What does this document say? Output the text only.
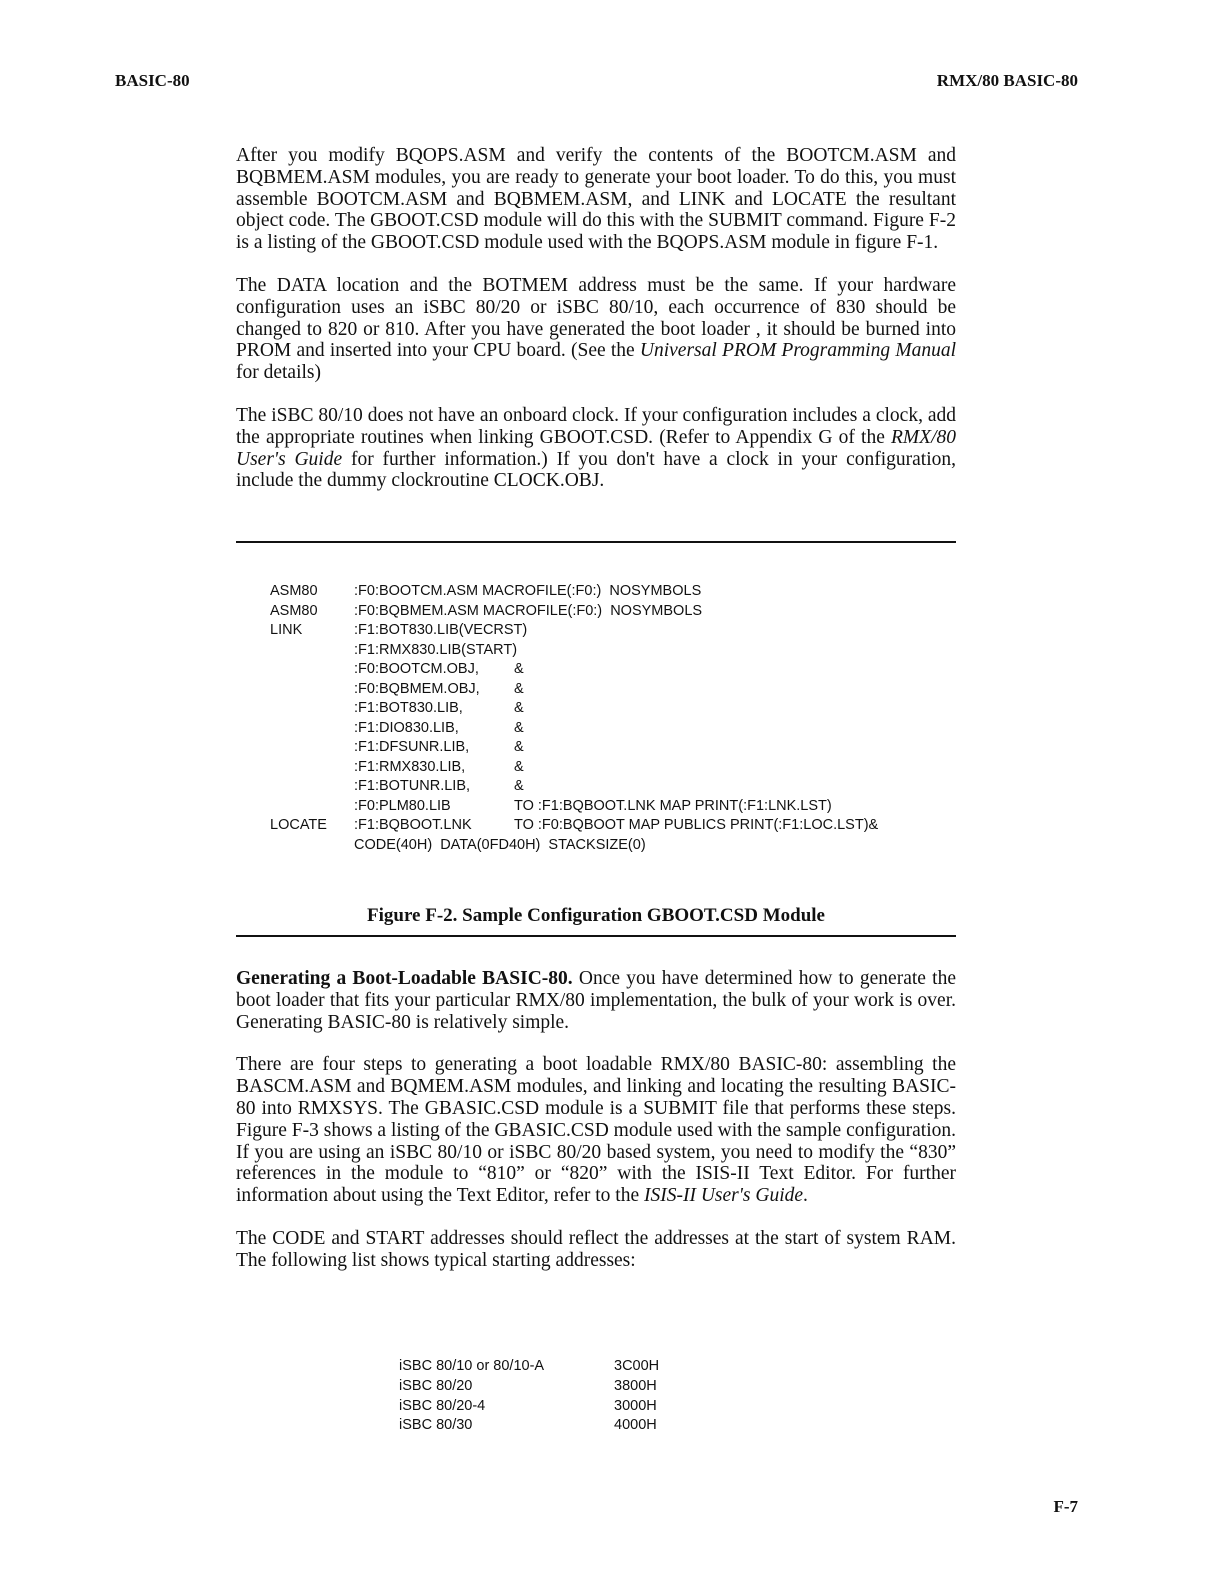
BASIC-80	RMX/80 BASIC-80

After you modify BQOPS.ASM and verify the contents of the BOOTCM.ASM and BQBMEM.ASM modules, you are ready to generate your boot loader. To do this, you must assemble BOOTCM.ASM and BQBMEM.ASM, and LINK and LOCATE the resultant object code. The GBOOT.CSD module will do this with the SUBMIT command. Figure F-2 is a listing of the GBOOT.CSD module used with the BQOPS.ASM module in figure F-1.

The DATA location and the BOTMEM address must be the same. If your hardware configuration uses an iSBC 80/20 or iSBC 80/10, each occurrence of 830 should be changed to 820 or 810. After you have generated the boot loader , it should be burned into PROM and inserted into your CPU board. (See the Universal PROM Programming Manual for details)

The iSBC 80/10 does not have an onboard clock. If your configuration includes a clock, add the appropriate routines when linking GBOOT.CSD. (Refer to Appendix G of the RMX/80 User's Guide for further information.) If you don't have a clock in your configuration, include the dummy clockroutine CLOCK.OBJ.

ASM80	:F0:BOOTCM.ASM MACROFILE(:F0:)  NOSYMBOLS
ASM80	:F0:BQBMEM.ASM MACROFILE(:F0:)  NOSYMBOLS
LINK	:F1:BOT830.LIB(VECRST)
:F1:RMX830.LIB(START)
:F0:BOOTCM.OBJ,	&
:F0:BQBMEM.OBJ,	&
:F1:BOT830.LIB,	&
:F1:DIO830.LIB,	&
:F1:DFSUNR.LIB,	&
:F1:RMX830.LIB,	&
:F1:BOTUNR.LIB,	&
:F0:PLM80.LIB	TO :F1:BQBOOT.LNK MAP PRINT(:F1:LNK.LST)
LOCATE	:F1:BQBOOT.LNK	TO :F0:BQBOOT MAP PUBLICS PRINT(:F1:LOC.LST)&
CODE(40H)  DATA(0FD40H)  STACKSIZE(0)
Figure F-2. Sample Configuration GBOOT.CSD Module

Generating a Boot-Loadable BASIC-80. Once you have determined how to generate the boot loader that fits your particular RMX/80 implementation, the bulk of your work is over. Generating BASIC-80 is relatively simple.

There are four steps to generating a boot loadable RMX/80 BASIC-80: assembling the BASCM.ASM and BQMEM.ASM modules, and linking and locating the resulting BASIC-80 into RMXSYS. The GBASIC.CSD module is a SUBMIT file that performs these steps. Figure F-3 shows a listing of the GBASIC.CSD module used with the sample configuration. If you are using an iSBC 80/10 or iSBC 80/20 based system, you need to modify the “830” references in the module to “810” or “820” with the ISIS-II Text Editor. For further information about using the Text Editor, refer to the ISIS-II User's Guide.

The CODE and START addresses should reflect the addresses at the start of system RAM. The following list shows typical starting addresses:

iSBC 80/10 or 80/10-A	3C00H
iSBC 80/20	3800H
iSBC 80/20-4	3000H
iSBC 80/30	4000H
F-7
